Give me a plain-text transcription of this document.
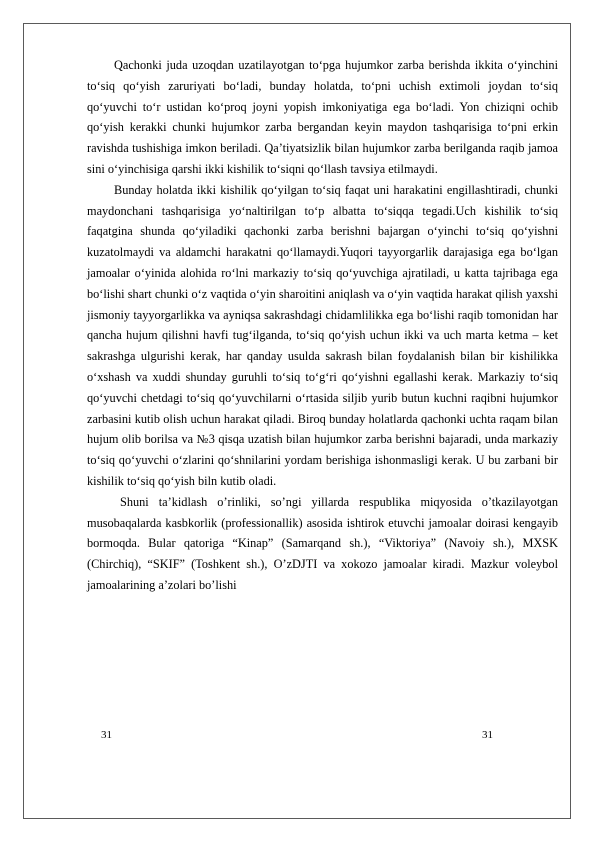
Qachonki juda uzoqdan uzatilayotgan to‘pga hujumkor zarba berishda ikkita o‘yinchini to‘siq qo‘yish zaruriyati bo‘ladi, bunday holatda, to‘pni uchish extimoli joydan to‘siq qo‘yuvchi to‘r ustidan ko‘proq joyni yopish imkoniyatiga ega bo‘ladi. Yon chiziqni ochib qo‘yish kerakki chunki hujumkor zarba bergandan keyin maydon tashqarisiga to‘pni erkin ravishda tushishiga imkon beriladi. Qa’tiyatsizlik bilan hujumkor zarba berilganda raqib jamoa sini o‘yinchisiga qarshi ikki kishilik to‘siqni qo‘llash tavsiya etilmaydi.

Bunday holatda ikki kishilik qo‘yilgan to‘siq faqat uni harakatini engillashtiradi, chunki maydonchani tashqarisiga yo‘naltirilgan to‘p albatta to‘siqqa tegadi.Uch kishilik to‘siq faqatgina shunda qo‘yiladiki qachonki zarba berishni bajargan o‘yinchi to‘siq qo‘yishni kuzatolmaydi va aldamchi harakatni qo‘llamaydi.Yuqori tayyorgarlik darajasiga ega bo‘lgan jamoalar o‘yinida alohida ro‘lni markaziy to‘siq qo‘yuvchiga ajratiladi, u katta tajribaga ega bo‘lishi shart chunki o‘z vaqtida o‘yin sharoitini aniqlash va o‘yin vaqtida harakat qilish yaxshi jismoniy tayyorgarlikka va ayniqsa sakrashdagi chidamlilikka ega bo‘lishi raqib tomonidan har qancha hujum qilishni havfi tug‘ilganda, to‘siq qo‘yish uchun ikki va uch marta ketma – ket sakrashga ulgurishi kerak, har qanday usulda sakrash bilan foydalanish bilan bir kishilikka o‘xshash va xuddi shunday guruhli to‘siq to‘g‘ri qo‘yishni egallashi kerak. Markaziy to‘siq qo‘yuvchi chetdagi to‘siq qo‘yuvchilarni o‘rtasida siljib yurib butun kuchni raqibni hujumkor zarbasini kutib olish uchun harakat qiladi. Biroq bunday holatlarda qachonki uchta raqam bilan hujum olib borilsa va №3 qisqa uzatish bilan hujumkor zarba berishni bajaradi, unda markaziy to‘siq qo‘yuvchi o‘zlarini qo‘shnilarini yordam berishiga ishonmasligi kerak. U bu zarbani bir kishilik to‘siq qo‘yish biln kutib oladi.

Shuni ta’kidlash o’rinliki, so’ngi yillarda respublika miqyosida o’tkazilayotgan musobaqalarda kasbkorlik (professionallik) asosida ishtirok etuvchi jamoalar doirasi kengayib bormoqda. Bular qatoriga “Kinap” (Samarqand sh.), “Viktoriya” (Navoiy sh.), MXSK (Chirchiq), “SKIF” (Toshkent sh.), O’zDJTI va xokozo jamoalar kiradi. Mazkur voleybol jamoalarining a’zolari bo’lishi

31	31
